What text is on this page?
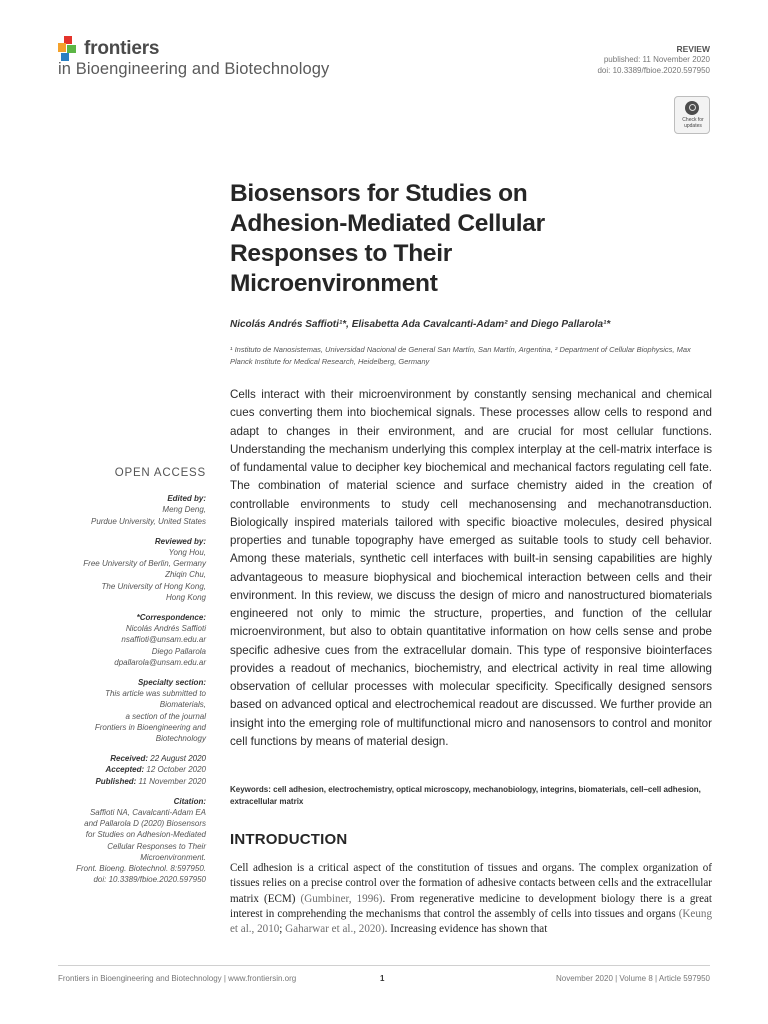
frontiers
in Bioengineering and Biotechnology
REVIEW
published: 11 November 2020
doi: 10.3389/fbioe.2020.597950
Check for updates
Biosensors for Studies on Adhesion-Mediated Cellular Responses to Their Microenvironment
Nicolás Andrés Saffioti¹*, Elisabetta Ada Cavalcanti-Adam² and Diego Pallarola¹*
¹ Instituto de Nanosistemas, Universidad Nacional de General San Martín, San Martín, Argentina, ² Department of Cellular Biophysics, Max Planck Institute for Medical Research, Heidelberg, Germany
Cells interact with their microenvironment by constantly sensing mechanical and chemical cues converting them into biochemical signals. These processes allow cells to respond and adapt to changes in their environment, and are crucial for most cellular functions. Understanding the mechanism underlying this complex interplay at the cell-matrix interface is of fundamental value to decipher key biochemical and mechanical factors regulating cell fate. The combination of material science and surface chemistry aided in the creation of controllable environments to study cell mechanosensing and mechanotransduction. Biologically inspired materials tailored with specific bioactive molecules, desired physical properties and tunable topography have emerged as suitable tools to study cell behavior. Among these materials, synthetic cell interfaces with built-in sensing capabilities are highly advantageous to measure biophysical and biochemical interaction between cells and their environment. In this review, we discuss the design of micro and nanostructured biomaterials engineered not only to mimic the structure, properties, and function of the cellular microenvironment, but also to obtain quantitative information on how cells sense and probe specific adhesive cues from the extracellular domain. This type of responsive biointerfaces provides a readout of mechanics, biochemistry, and electrical activity in real time allowing observation of cellular processes with molecular specificity. Specifically designed sensors based on advanced optical and electrochemical readout are discussed. We further provide an insight into the emerging role of multifunctional micro and nanosensors to control and monitor cell functions by means of material design.
Keywords: cell adhesion, electrochemistry, optical microscopy, mechanobiology, integrins, biomaterials, cell–cell adhesion, extracellular matrix
INTRODUCTION
Cell adhesion is a critical aspect of the constitution of tissues and organs. The complex organization of tissues relies on a precise control over the formation of adhesive contacts between cells and the extracellular matrix (ECM) (Gumbiner, 1996). From regenerative medicine to development biology there is a great interest in comprehending the mechanisms that control the assembly of cells into tissues and organs (Keung et al., 2010; Gaharwar et al., 2020). Increasing evidence has shown that
OPEN ACCESS
Edited by:
Meng Deng,
Purdue University, United States
Reviewed by:
Yong Hou,
Free University of Berlin, Germany
Zhiqin Chu,
The University of Hong Kong,
Hong Kong
*Correspondence:
Nicolás Andrés Saffioti
nsaffioti@unsam.edu.ar
Diego Pallarola
dpallarola@unsam.edu.ar
Specialty section:
This article was submitted to
Biomaterials,
a section of the journal
Frontiers in Bioengineering and
Biotechnology
Received: 22 August 2020
Accepted: 12 October 2020
Published: 11 November 2020
Citation:
Saffioti NA, Cavalcanti-Adam EA
and Pallarola D (2020) Biosensors
for Studies on Adhesion-Mediated
Cellular Responses to Their
Microenvironment.
Front. Bioeng. Biotechnol. 8:597950.
doi: 10.3389/fbioe.2020.597950
Frontiers in Bioengineering and Biotechnology | www.frontiersin.org	1	November 2020 | Volume 8 | Article 597950
